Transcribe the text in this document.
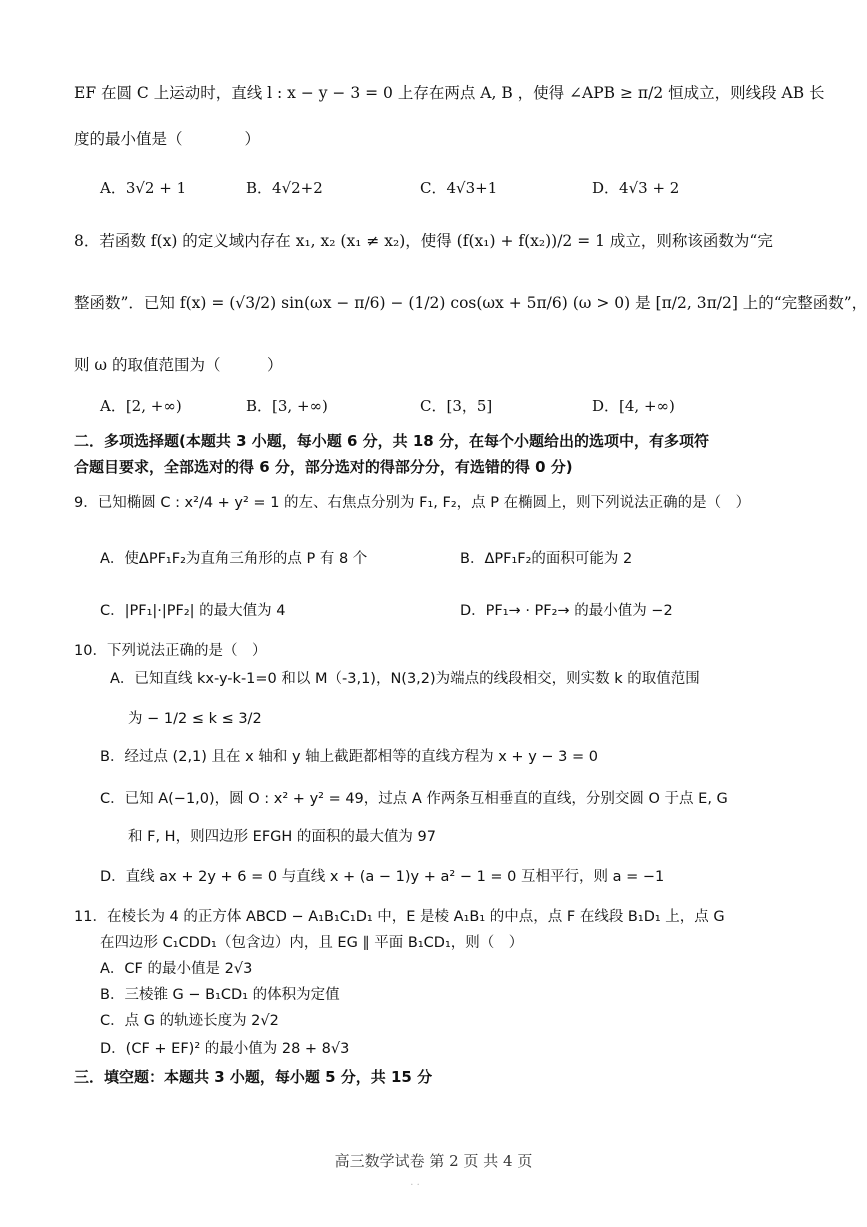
EF 在圆 C 上运动时，直线 l : x − y − 3 = 0 上存在两点 A, B ，使得 ∠APB ≥ π/2 恒成立，则线段 AB 长
度的最小值是（　　　　）
A．3√2 + 1	B．4√2+2	C．4√3+1	D．4√3 + 2
8．若函数 f(x) 的定义域内存在 x₁, x₂ (x₁ ≠ x₂)，使得 (f(x₁) + f(x₂))/2 = 1 成立，则称该函数为“完
整函数”．已知 f(x) = (√3/2) sin(ωx − π/6) − (1/2) cos(ωx + 5π/6) (ω > 0) 是 [π/2, 3π/2] 上的“完整函数”，
则 ω 的取值范围为（　　　）
A．[2, +∞)	B．[3, +∞)	C．[3，5]	D．[4, +∞)
二．多项选择题(本题共 3 小题，每小题 6 分，共 18 分，在每个小题给出的选项中，有多项符
合题目要求，全部选对的得 6 分，部分选对的得部分分，有选错的得 0 分)
9．已知椭圆 C : x²/4 + y² = 1 的左、右焦点分别为 F₁, F₂，点 P 在椭圆上，则下列说法正确的是（　）
A．使ΔPF₁F₂为直角三角形的点 P 有 8 个	B．ΔPF₁F₂的面积可能为 2
C．|PF₁|·|PF₂| 的最大值为 4	D．PF₁→ · PF₂→ 的最小值为 −2
10．下列说法正确的是（　）
A．已知直线 kx-y-k-1=0 和以 M（-3,1)，N(3,2)为端点的线段相交，则实数 k 的取值范围
为 − 1/2 ≤ k ≤ 3/2
B．经过点 (2,1) 且在 x 轴和 y 轴上截距都相等的直线方程为 x + y − 3 = 0
C．已知 A(−1,0)，圆 O : x² + y² = 49，过点 A 作两条互相垂直的直线，分别交圆 O 于点 E, G
和 F, H，则四边形 EFGH 的面积的最大值为 97
D．直线 ax + 2y + 6 = 0 与直线 x + (a − 1)y + a² − 1 = 0 互相平行，则 a = −1
11．在棱长为 4 的正方体 ABCD − A₁B₁C₁D₁ 中，E 是棱 A₁B₁ 的中点，点 F 在线段 B₁D₁ 上，点 G
在四边形 C₁CDD₁（包含边）内，且 EG ∥ 平面 B₁CD₁，则（　）
A．CF 的最小值是 2√3
B．三棱锥 G − B₁CD₁ 的体积为定值
C．点 G 的轨迹长度为 2√2
D．(CF + EF)² 的最小值为 28 + 8√3
三．填空题：本题共 3 小题，每小题 5 分，共 15 分
高三数学试卷 第 2 页 共 4 页
· ·
